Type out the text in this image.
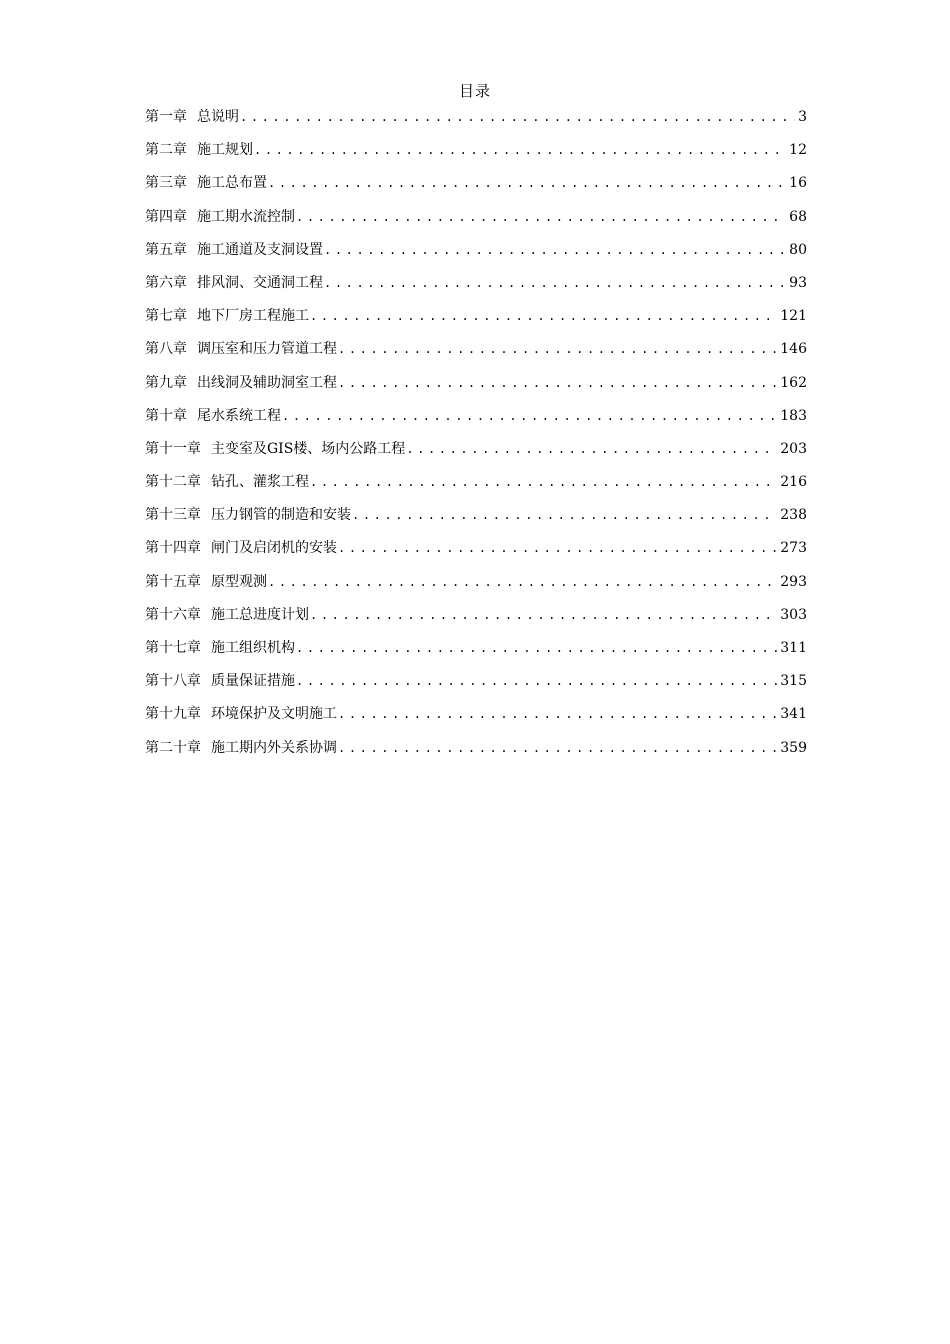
目录
第一章 总说明 .....	3
第二章 施工规划 .....	12
第三章 施工总布置 .....	16
第四章 施工期水流控制 .....	68
第五章 施工通道及支洞设置 .....	80
第六章 排风洞、交通洞工程 .....	93
第七章 地下厂房工程施工 .....	121
第八章 调压室和压力管道工程 .....	146
第九章 出线洞及辅助洞室工程 .....	162
第十章 尾水系统工程 .....	183
第十一章 主变室及GIS楼、场内公路工程 .....	203
第十二章 钻孔、灌浆工程 .....	216
第十三章 压力钢管的制造和安装 .....	238
第十四章 闸门及启闭机的安装 .....	273
第十五章 原型观测 .....	293
第十六章 施工总进度计划 .....	303
第十七章 施工组织机构 .....	311
第十八章 质量保证措施 .....	315
第十九章 环境保护及文明施工 .....	341
第二十章 施工期内外关系协调 .....	359
